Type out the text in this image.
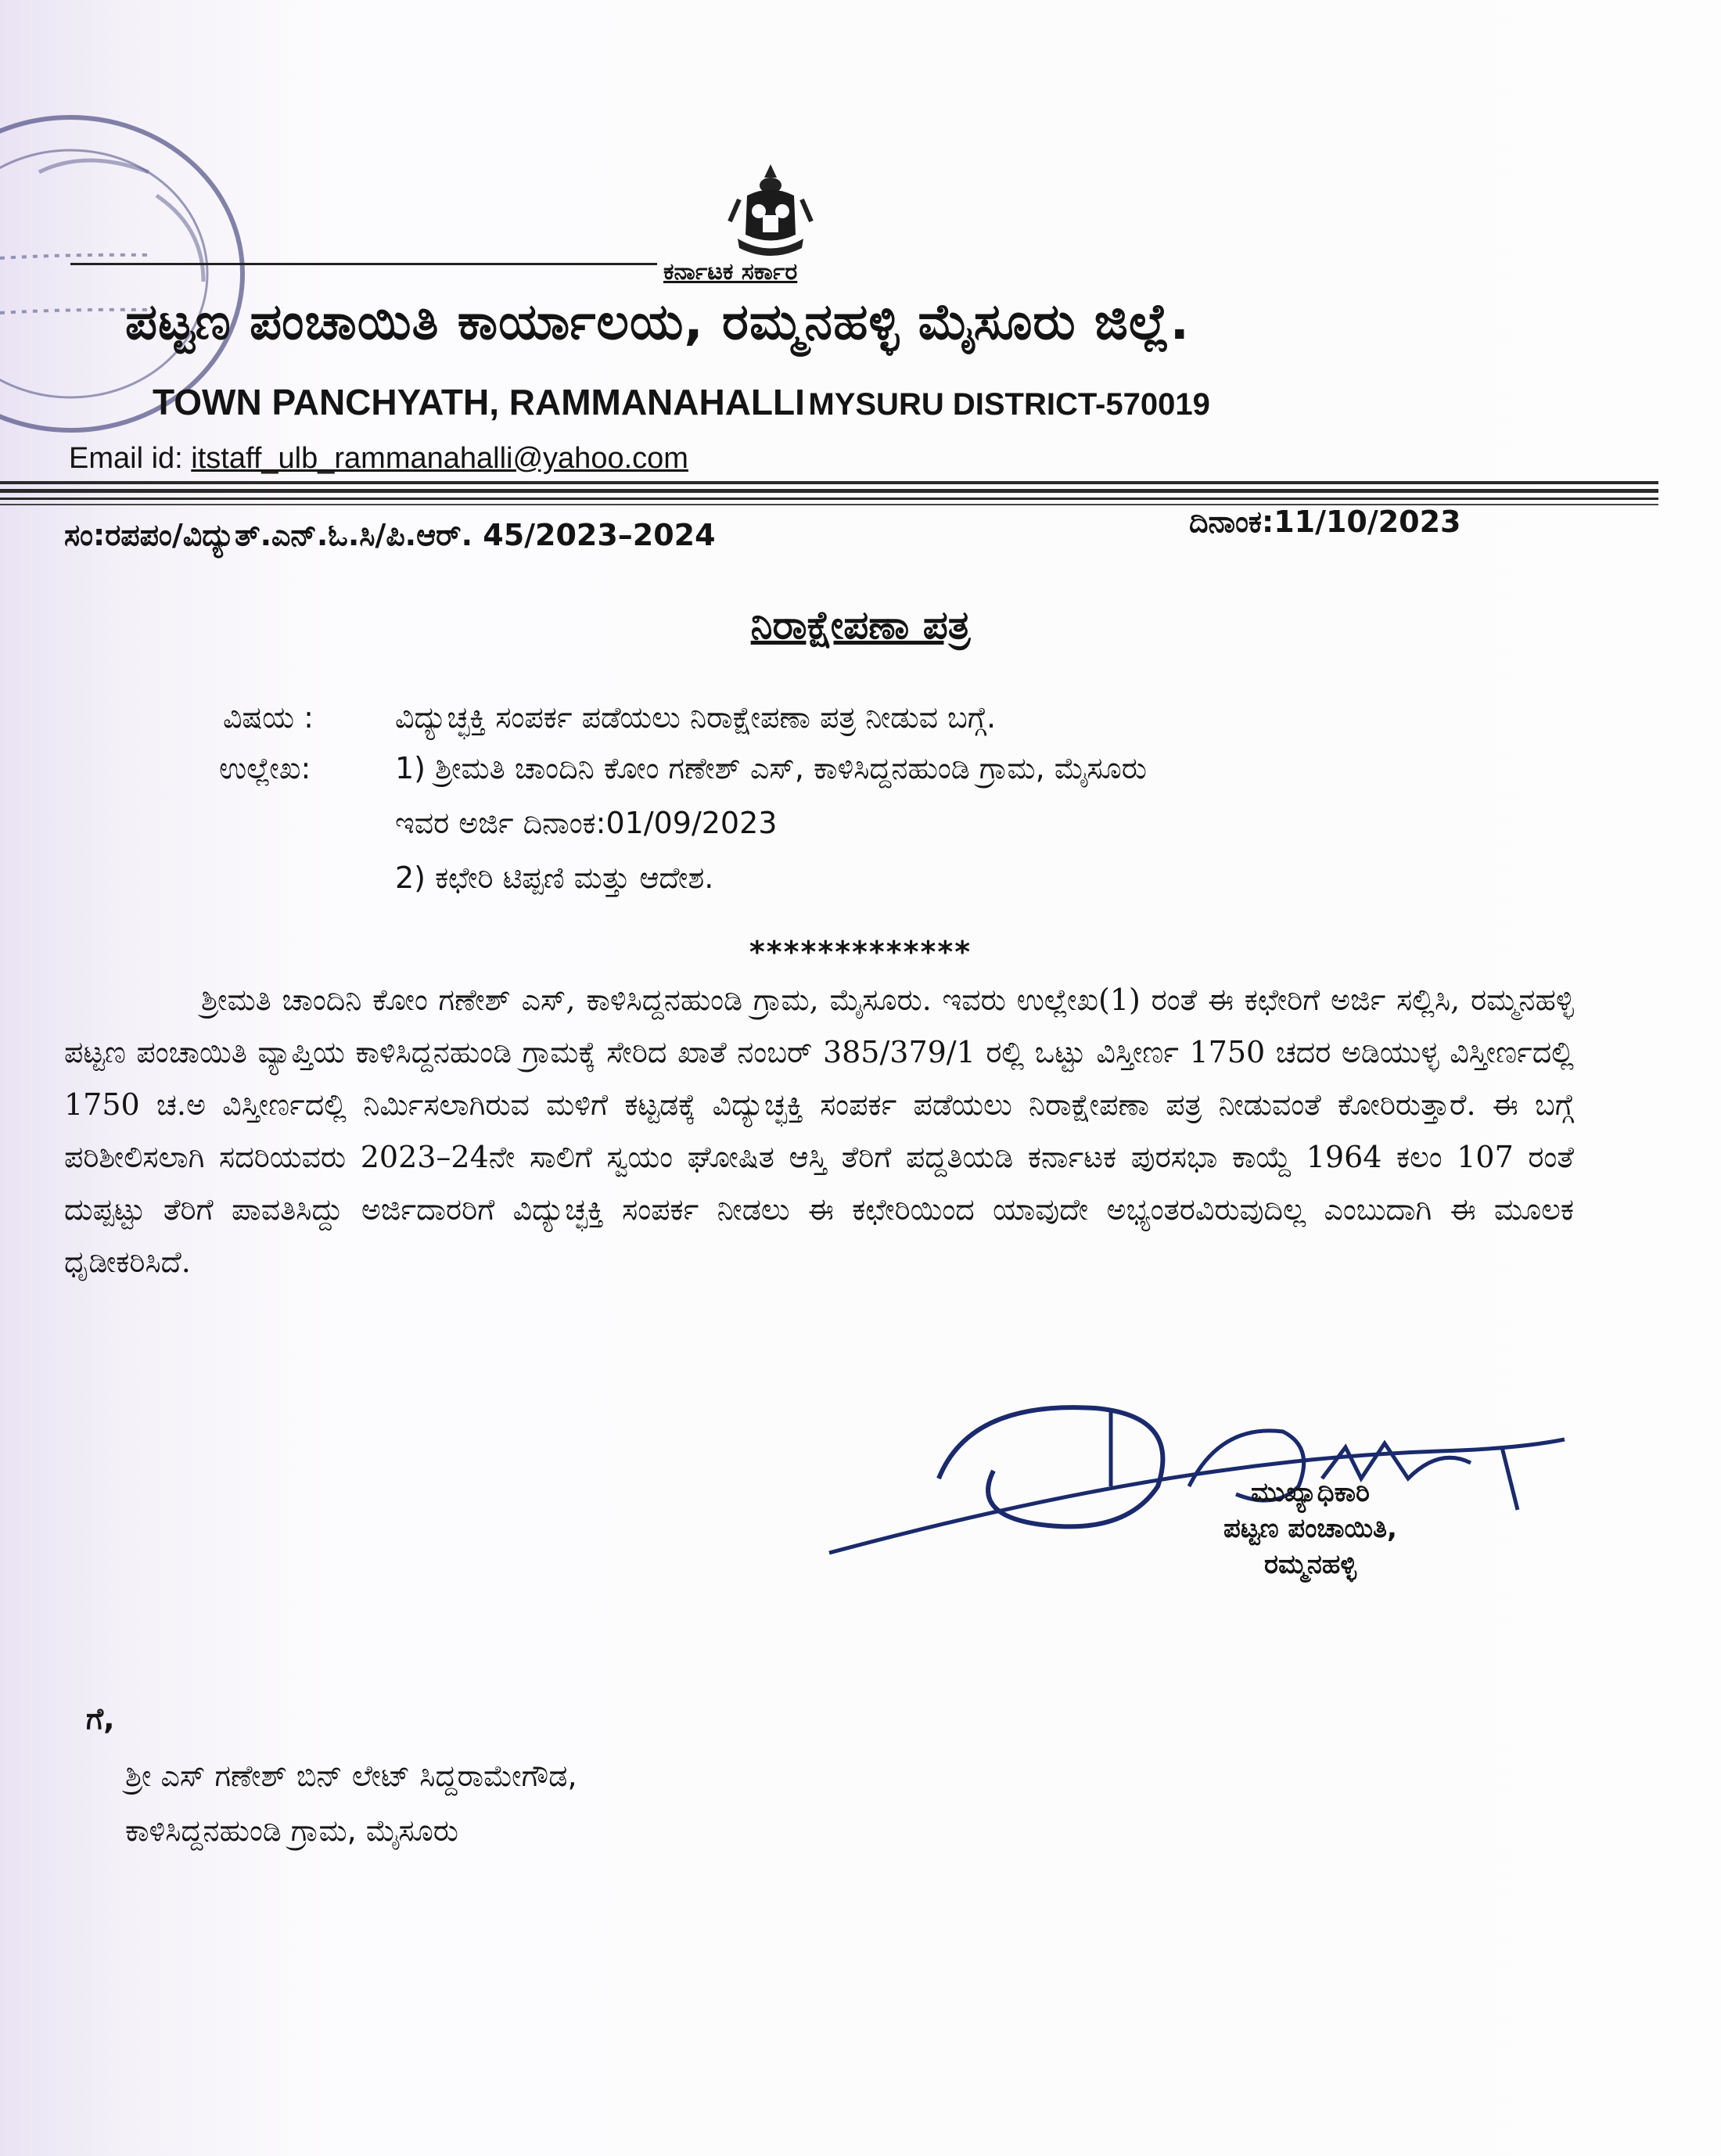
ಕರ್ನಾಟಕ ಸರ್ಕಾರ
ಪಟ್ಟಣ ಪಂಚಾಯಿತಿ ಕಾರ್ಯಾಲಯ, ರಮ್ಮನಹಳ್ಳಿ ಮೈಸೂರು ಜಿಲ್ಲೆ.
TOWN PANCHYATH, RAMMANAHALLI MYSURU DISTRICT-570019
Email id: itstaff_ulb_rammanahalli@yahoo.com
ಸಂ:ರಪಪಂ/ವಿದ್ಯುತ್.ಎನ್.ಓ.ಸಿ/ಪಿ.ಆರ್. 45/2023–2024	ದಿನಾಂಕ:11/10/2023
ನಿರಾಕ್ಷೇಪಣಾ ಪತ್ರ
ವಿಷಯ :	ವಿದ್ಯುಚ್ಛಕ್ತಿ ಸಂಪರ್ಕ ಪಡೆಯಲು ನಿರಾಕ್ಷೇಪಣಾ ಪತ್ರ ನೀಡುವ ಬಗ್ಗೆ.
ಉಲ್ಲೇಖ:	1) ಶ್ರೀಮತಿ ಚಾಂದಿನಿ ಕೋಂ ಗಣೇಶ್ ಎಸ್, ಕಾಳಿಸಿದ್ದನಹುಂಡಿ ಗ್ರಾಮ, ಮೈಸೂರು
ಇವರ ಅರ್ಜಿ ದಿನಾಂಕ:01/09/2023
2) ಕಛೇರಿ ಟಿಪ್ಪಣಿ ಮತ್ತು ಆದೇಶ.
*************
ಶ್ರೀಮತಿ ಚಾಂದಿನಿ ಕೋಂ ಗಣೇಶ್ ಎಸ್, ಕಾಳಿಸಿದ್ದನಹುಂಡಿ ಗ್ರಾಮ, ಮೈಸೂರು. ಇವರು ಉಲ್ಲೇಖ(1) ರಂತೆ ಈ ಕಛೇರಿಗೆ ಅರ್ಜಿ ಸಲ್ಲಿಸಿ, ರಮ್ಮನಹಳ್ಳಿ ಪಟ್ಟಣ ಪಂಚಾಯಿತಿ ವ್ಯಾಪ್ತಿಯ ಕಾಳಿಸಿದ್ದನಹುಂಡಿ ಗ್ರಾಮಕ್ಕೆ ಸೇರಿದ ಖಾತೆ ನಂಬರ್ 385/379/1 ರಲ್ಲಿ ಒಟ್ಟು ವಿಸ್ತೀರ್ಣ 1750 ಚದರ ಅಡಿಯುಳ್ಳ ವಿಸ್ತೀರ್ಣದಲ್ಲಿ 1750 ಚ.ಅ ವಿಸ್ತೀರ್ಣದಲ್ಲಿ ನಿರ್ಮಿಸಲಾಗಿರುವ ಮಳಿಗೆ ಕಟ್ಟಡಕ್ಕೆ ವಿದ್ಯುಚ್ಛಕ್ತಿ ಸಂಪರ್ಕ ಪಡೆಯಲು ನಿರಾಕ್ಷೇಪಣಾ ಪತ್ರ ನೀಡುವಂತೆ ಕೋರಿರುತ್ತಾರೆ. ಈ ಬಗ್ಗೆ ಪರಿಶೀಲಿಸಲಾಗಿ ಸದರಿಯವರು 2023–24ನೇ ಸಾಲಿಗೆ ಸ್ವಯಂ ಘೋಷಿತ ಆಸ್ತಿ ತೆರಿಗೆ ಪದ್ದತಿಯಡಿ ಕರ್ನಾಟಕ ಪುರಸಭಾ ಕಾಯ್ದೆ 1964 ಕಲಂ 107 ರಂತೆ ದುಪ್ಪಟ್ಟು ತೆರಿಗೆ ಪಾವತಿಸಿದ್ದು ಅರ್ಜಿದಾರರಿಗೆ ವಿದ್ಯುಚ್ಛಕ್ತಿ ಸಂಪರ್ಕ ನೀಡಲು ಈ ಕಛೇರಿಯಿಂದ ಯಾವುದೇ ಅಭ್ಯಂತರವಿರುವುದಿಲ್ಲ ಎಂಬುದಾಗಿ ಈ ಮೂಲಕ ಧೃಡೀಕರಿಸಿದೆ.
ಮುಖ್ಯಾಧಿಕಾರಿ
ಪಟ್ಟಣ ಪಂಚಾಯಿತಿ,
ರಮ್ಮನಹಳ್ಳಿ
ಗೆ,
ಶ್ರೀ ಎಸ್ ಗಣೇಶ್ ಬಿನ್ ಲೇಟ್ ಸಿದ್ದರಾಮೇಗೌಡ,
ಕಾಳಿಸಿದ್ದನಹುಂಡಿ ಗ್ರಾಮ, ಮೈಸೂರು
